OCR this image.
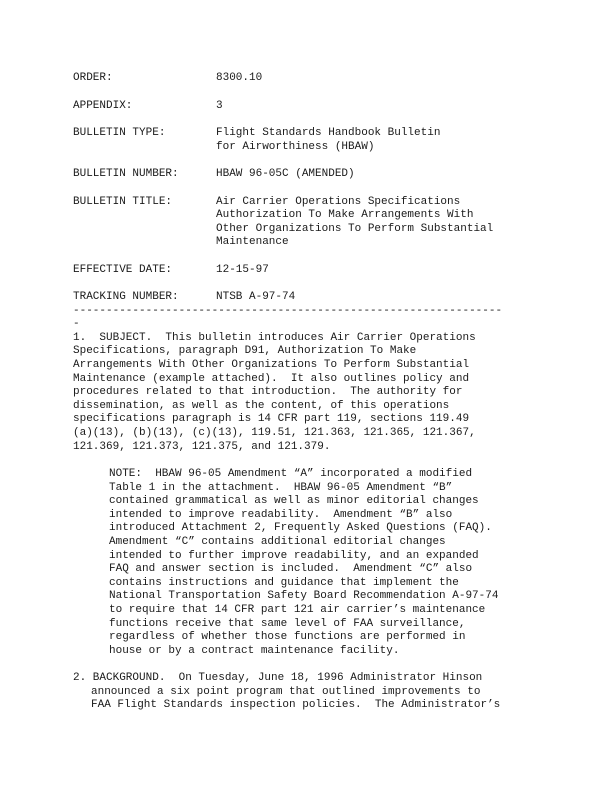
ORDER:	8300.10
APPENDIX:	3
BULLETIN TYPE:	Flight Standards Handbook Bulletin
for Airworthiness (HBAW)
BULLETIN NUMBER:	HBAW 96-05C (AMENDED)
BULLETIN TITLE:	Air Carrier Operations Specifications
Authorization To Make Arrangements With
Other Organizations To Perform Substantial
Maintenance
EFFECTIVE DATE:	12-15-97
TRACKING NUMBER:	NTSB A-97-74
-----------------------------------------------------------------
-
1.  SUBJECT.  This bulletin introduces Air Carrier Operations
Specifications, paragraph D91, Authorization To Make
Arrangements With Other Organizations To Perform Substantial
Maintenance (example attached).  It also outlines policy and
procedures related to that introduction.  The authority for
dissemination, as well as the content, of this operations
specifications paragraph is 14 CFR part 119, sections 119.49
(a)(13), (b)(13), (c)(13), 119.51, 121.363, 121.365, 121.367,
121.369, 121.373, 121.375, and 121.379.
NOTE:  HBAW 96-05 Amendment “A” incorporated a modified
Table 1 in the attachment.  HBAW 96-05 Amendment “B”
contained grammatical as well as minor editorial changes
intended to improve readability.  Amendment “B” also
introduced Attachment 2, Frequently Asked Questions (FAQ).
Amendment “C” contains additional editorial changes
intended to further improve readability, and an expanded
FAQ and answer section is included.  Amendment “C” also
contains instructions and guidance that implement the
National Transportation Safety Board Recommendation A-97-74
to require that 14 CFR part 121 air carrier’s maintenance
functions receive that same level of FAA surveillance,
regardless of whether those functions are performed in
house or by a contract maintenance facility.
2. BACKGROUND.  On Tuesday, June 18, 1996 Administrator Hinson
announced a six point program that outlined improvements to
FAA Flight Standards inspection policies.  The Administrator’s
